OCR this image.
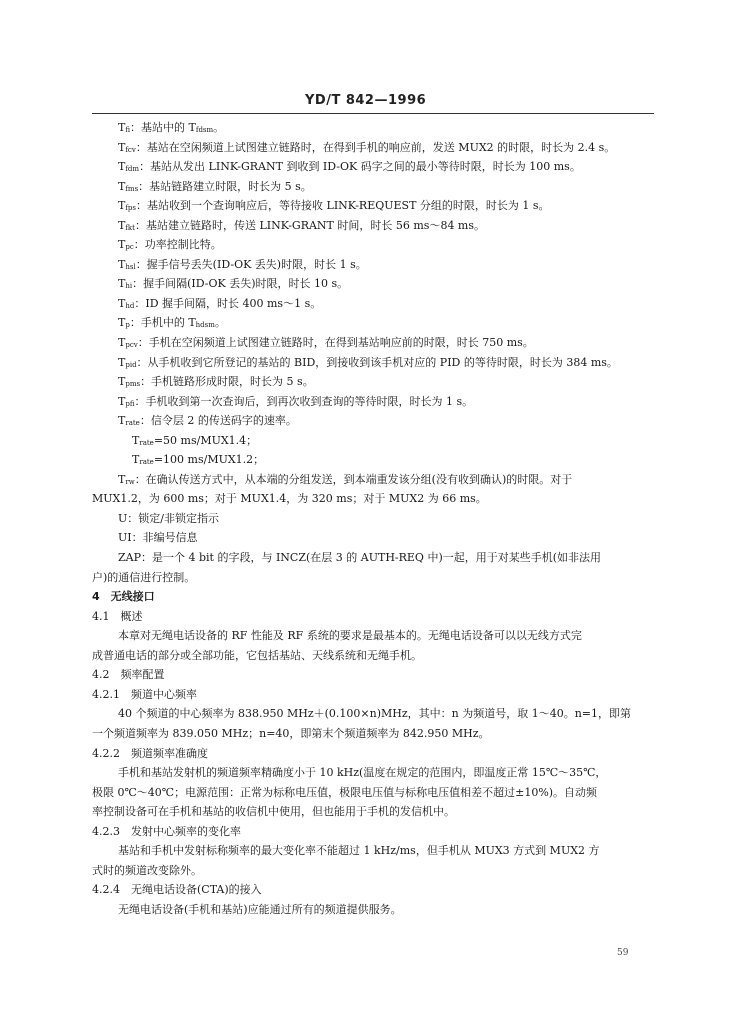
YD/T 842—1996
Tfi：基站中的 Tfdsm。
Tfcv：基站在空闲频道上试图建立链路时，在得到手机的响应前，发送 MUX2 的时限，时长为 2.4 s。
Tfdm：基站从发出 LINK-GRANT 到收到 ID-OK 码字之间的最小等待时限，时长为 100 ms。
Tfms：基站链路建立时限，时长为 5 s。
Tfps：基站收到一个查询响应后，等待接收 LINK-REQUEST 分组的时限，时长为 1 s。
Tfkt：基站建立链路时，传送 LINK-GRANT 时间，时长 56 ms～84 ms。
Tpc：功率控制比特。
Thsl：握手信号丢失(ID-OK 丢失)时限，时长 1 s。
Thi：握手间隔(ID-OK 丢失)时限，时长 10 s。
Thd：ID 握手间隔，时长 400 ms～1 s。
Tp：手机中的 Thdsm。
Tpcv：手机在空闲频道上试图建立链路时，在得到基站响应前的时限，时长 750 ms。
Tpid：从手机收到它所登记的基站的 BID，到接收到该手机对应的 PID 的等待时限，时长为 384 ms。
Tpms：手机链路形成时限，时长为 5 s。
Tpfi：手机收到第一次查询后，到再次收到查询的等待时限，时长为 1 s。
Trate：信令层 2 的传送码字的速率。
Trate=50 ms/MUX1.4；
Trate=100 ms/MUX1.2；
Trw：在确认传送方式中，从本端的分组发送，到本端重发该分组(没有收到确认)的时限。对于
MUX1.2，为 600 ms；对于 MUX1.4，为 320 ms；对于 MUX2 为 66 ms。
U：锁定/非锁定指示
UI：非编号信息
ZAP：是一个 4 bit 的字段，与 INCZ(在层 3 的 AUTH-REQ 中)一起，用于对某些手机(如非法用
户)的通信进行控制。
4　无线接口
4.1　概述
本章对无绳电话设备的 RF 性能及 RF 系统的要求是最基本的。无绳电话设备可以以无线方式完
成普通电话的部分或全部功能，它包括基站、天线系统和无绳手机。
4.2　频率配置
4.2.1　频道中心频率
40 个频道的中心频率为 838.950 MHz＋(0.100×n)MHz，其中：n 为频道号，取 1～40。n=1，即第
一个频道频率为 839.050 MHz；n=40，即第末个频道频率为 842.950 MHz。
4.2.2　频道频率准确度
手机和基站发射机的频道频率精确度小于 10 kHz(温度在规定的范围内，即温度正常 15℃～35℃，
极限 0℃～40℃；电源范围：正常为标称电压值，极限电压值与标称电压值相差不超过±10%)。自动频
率控制设备可在手机和基站的收信机中使用，但也能用于手机的发信机中。
4.2.3　发射中心频率的变化率
基站和手机中发射标称频率的最大变化率不能超过 1 kHz/ms，但手机从 MUX3 方式到 MUX2 方
式时的频道改变除外。
4.2.4　无绳电话设备(CTA)的接入
无绳电话设备(手机和基站)应能通过所有的频道提供服务。
59
